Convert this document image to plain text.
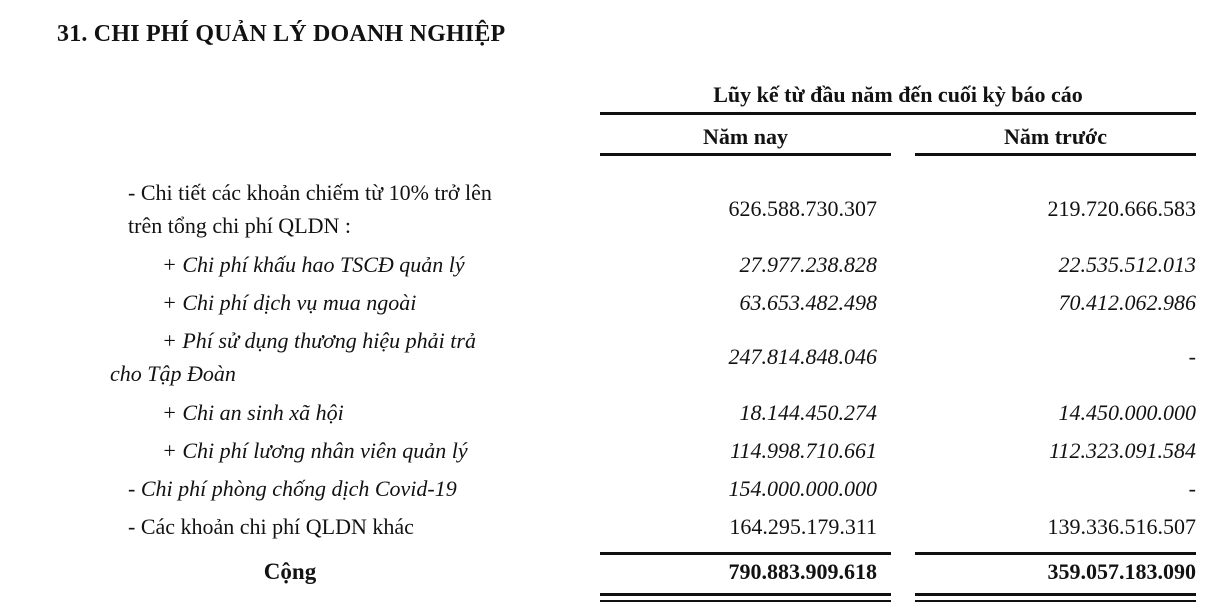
31. CHI PHÍ QUẢN LÝ DOANH NGHIỆP
Lũy kế từ đầu năm đến cuối kỳ báo cáo
Năm nay	Năm trước
- Chi tiết các khoản chiếm từ 10% trở lên
trên tổng chi phí QLDN :
626.588.730.307	219.720.666.583
+ Chi phí khấu hao TSCĐ quản lý	27.977.238.828	22.535.512.013
+ Chi phí dịch vụ mua ngoài	63.653.482.498	70.412.062.986
+ Phí sử dụng thương hiệu phải trả
cho Tập Đoàn
247.814.848.046	-
+ Chi an sinh xã hội	18.144.450.274	14.450.000.000
+ Chi phí lương nhân viên quản lý	114.998.710.661	112.323.091.584
- Chi phí phòng chống dịch Covid-19	154.000.000.000	-
- Các khoản chi phí QLDN khác	164.295.179.311	139.336.516.507
Cộng	790.883.909.618	359.057.183.090
